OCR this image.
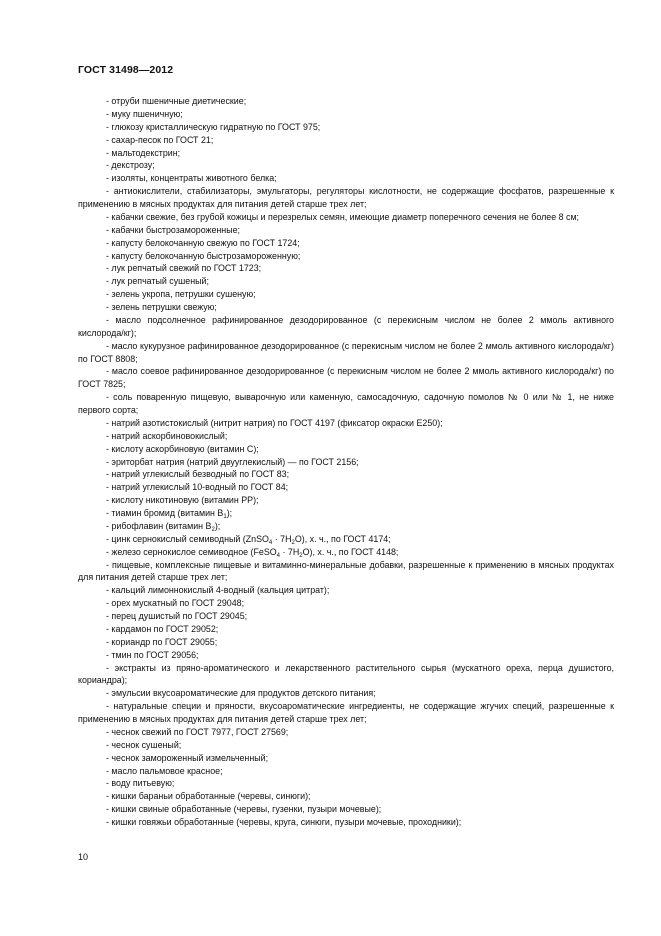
ГОСТ 31498—2012

- отруби пшеничные диетические;

- муку пшеничную;

- глюкозу кристаллическую гидратную по ГОСТ 975;

- сахар-песок по ГОСТ 21;

- мальтодекстрин;

- декстрозу;

- изоляты, концентраты животного белка;

- антиокислители, стабилизаторы, эмульгаторы, регуляторы кислотности, не содержащие фосфатов, разрешенные к применению в мясных продуктах для питания детей старше трех лет;

- кабачки свежие, без грубой кожицы и перезрелых семян, имеющие диаметр поперечного сечения не более 8 см;

- кабачки быстрозамороженные;

- капусту белокочанную свежую по ГОСТ 1724;

- капусту белокочанную быстрозамороженную;

- лук репчатый свежий по ГОСТ 1723;

- лук репчатый сушеный;

- зелень укропа, петрушки сушеную;

- зелень петрушки свежую;

- масло подсолнечное рафинированное дезодорированное (с перекисным числом не более 2 ммоль активного кислорода/кг);

- масло кукурузное рафинированное дезодорированное (с перекисным числом не более 2 ммоль активного кислорода/кг) по ГОСТ 8808;

- масло соевое рафинированное дезодорированное (с перекисным числом не более 2 ммоль активного кислорода/кг) по ГОСТ 7825;

- соль поваренную пищевую, выварочную или каменную, самосадочную, садочную помолов № 0 или № 1, не ниже первого сорта;

- натрий азотистокислый (нитрит натрия) по ГОСТ 4197 (фиксатор окраски Е250);

- натрий аскорбиновокислый;

- кислоту аскорбиновую (витамин С);

- эриторбат натрия (натрий двууглекислый) — по ГОСТ 2156;

- натрий углекислый безводный по ГОСТ 83;

- натрий углекислый 10-водный по ГОСТ 84;

- кислоту никотиновую (витамин РР);

- тиамин бромид (витамин $В_1$);

- рибофлавин (витамин $В_2$);

- цинк сернокислый семиводный (ZnSO$_4$ · $7H_2O$), х. ч., по ГОСТ 4174;

- железо сернокислое семиводное (FeSO$_4$ · $7H_2O$), х. ч., по ГОСТ 4148;

- пищевые, комплексные пищевые и витаминно-минеральные добавки, разрешенные к применению в мясных продуктах для питания детей старше трех лет;

- кальций лимоннокислый 4-водный (кальция цитрат);

- орех мускатный по ГОСТ 29048;

- перец душистый по ГОСТ 29045;

- кардамон по ГОСТ 29052;

- кориандр по ГОСТ 29055;

- тмин по ГОСТ 29056;

- экстракты из пряно-ароматического и лекарственного растительного сырья (мускатного ореха, перца душистого, кориандра);

- эмульсии вкусоароматические для продуктов детского питания;

- натуральные специи и пряности, вкусоароматические ингредиенты, не содержащие жгучих специй, разрешенные к применению в мясных продуктах для питания детей старше трех лет;

- чеснок свежий по ГОСТ 7977, ГОСТ 27569;

- чеснок сушеный;

- чеснок замороженный измельченный;

- масло пальмовое красное;

- воду питьевую;

- кишки бараньи обработанные (черевы, синюги);

- кишки свиные обработанные (черевы, гузенки, пузыри мочевые);

- кишки говяжьи обработанные (черевы, круга, синюги, пузыри мочевые, проходники);

10
